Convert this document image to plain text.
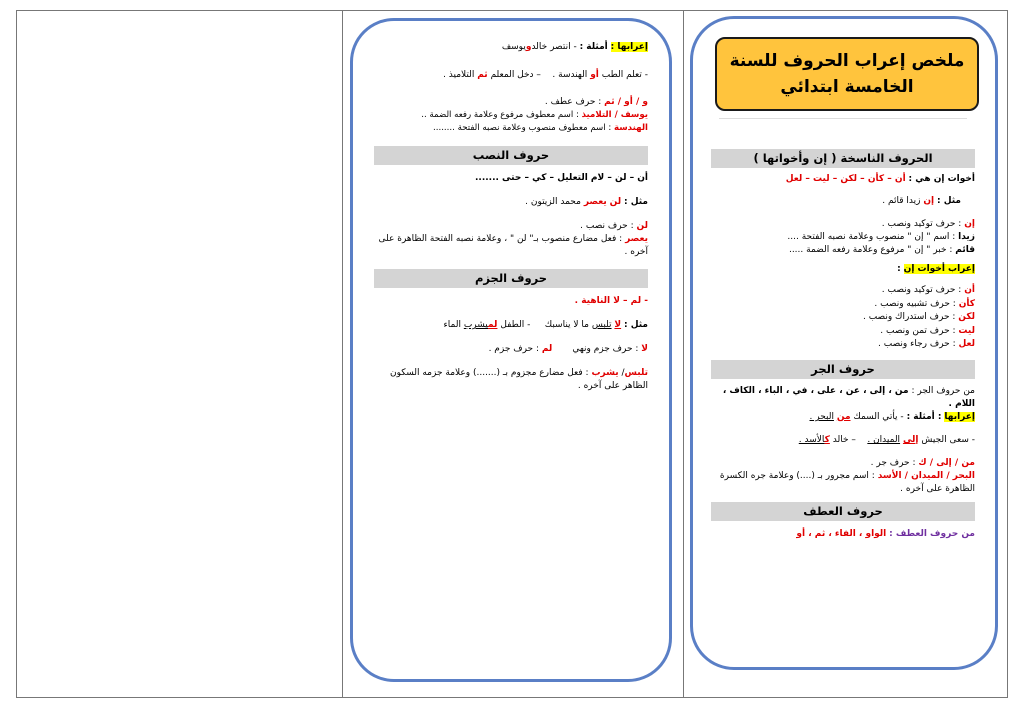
ملخص إعراب الحروف للسنة
الخامسة ابتدائي
الحروف الناسخة ( إن وأخواتها )
أخوات إن هي : أن – كأن – لكن – ليت – لعل
مثل : إن زيدا قائم .
إن : حرف توكيد ونصب .
زيدا : اسم " إن " منصوب وعلامة نصبه الفتحة ....
قائم : خبر " إن " مرفوع وعلامة رفعه الضمة .....
إعراب أخوات إن :
أن : حرف توكيد ونصب .
كأن : حرف تشبيه ونصب .
لكن : حرف استدراك ونصب .
ليت : حرف تمن ونصب .
لعل : حرف رجاء ونصب .
حروف الجر
من حروف الجر : من ، إلى ، عن ، على ، في ، الباء ، الكاف ، اللام .
إعرابها : أمثلة : - يأتي السمك من البحر .
- سعى الجيش إلى الميدان .    – خالد كالأسد .
من / إلى / ك : حرف جر .
البحر / الميدان / الأسد : اسم مجرور بـ (....) وعلامة جره الكسرة الظاهرة على آخره .
حروف العطف
من حروف العطف : الواو ، الفاء ، ثم ، أو
إعرابها : أمثلة : - انتصر خالدويوسف
- تعلم الطب أو الهندسة .    – دخل المعلم ثم التلاميذ .
و / أو / ثم : حرف عطف .
يوسف / التلاميذ : اسم معطوف مرفوع وعلامة رفعه الضمة ..
الهندسة : اسم معطوف منصوب وعلامة نصبه الفتحة ........
حروف النصب
أن – لن – لام التعليل – كي – حتى .......
مثل : لن يعصر محمد الزيتون .
لن : حرف نصب .
يعصر : فعل مضارع منصوب بـ" لن " ، وعلامة نصبه الفتحة الظاهرة على آخره .
حروف الجزم
- لم – لا الناهية .
مثل : لا تلبس ما لا يناسبك     - الطفل لميشرب الماء
لا : حرف جزم ونهي       لم : حرف جزم .
تلبس/ يشرب : فعل مضارع مجزوم بـ (.......) وعلامة جزمه السكون الظاهر على آخره .
